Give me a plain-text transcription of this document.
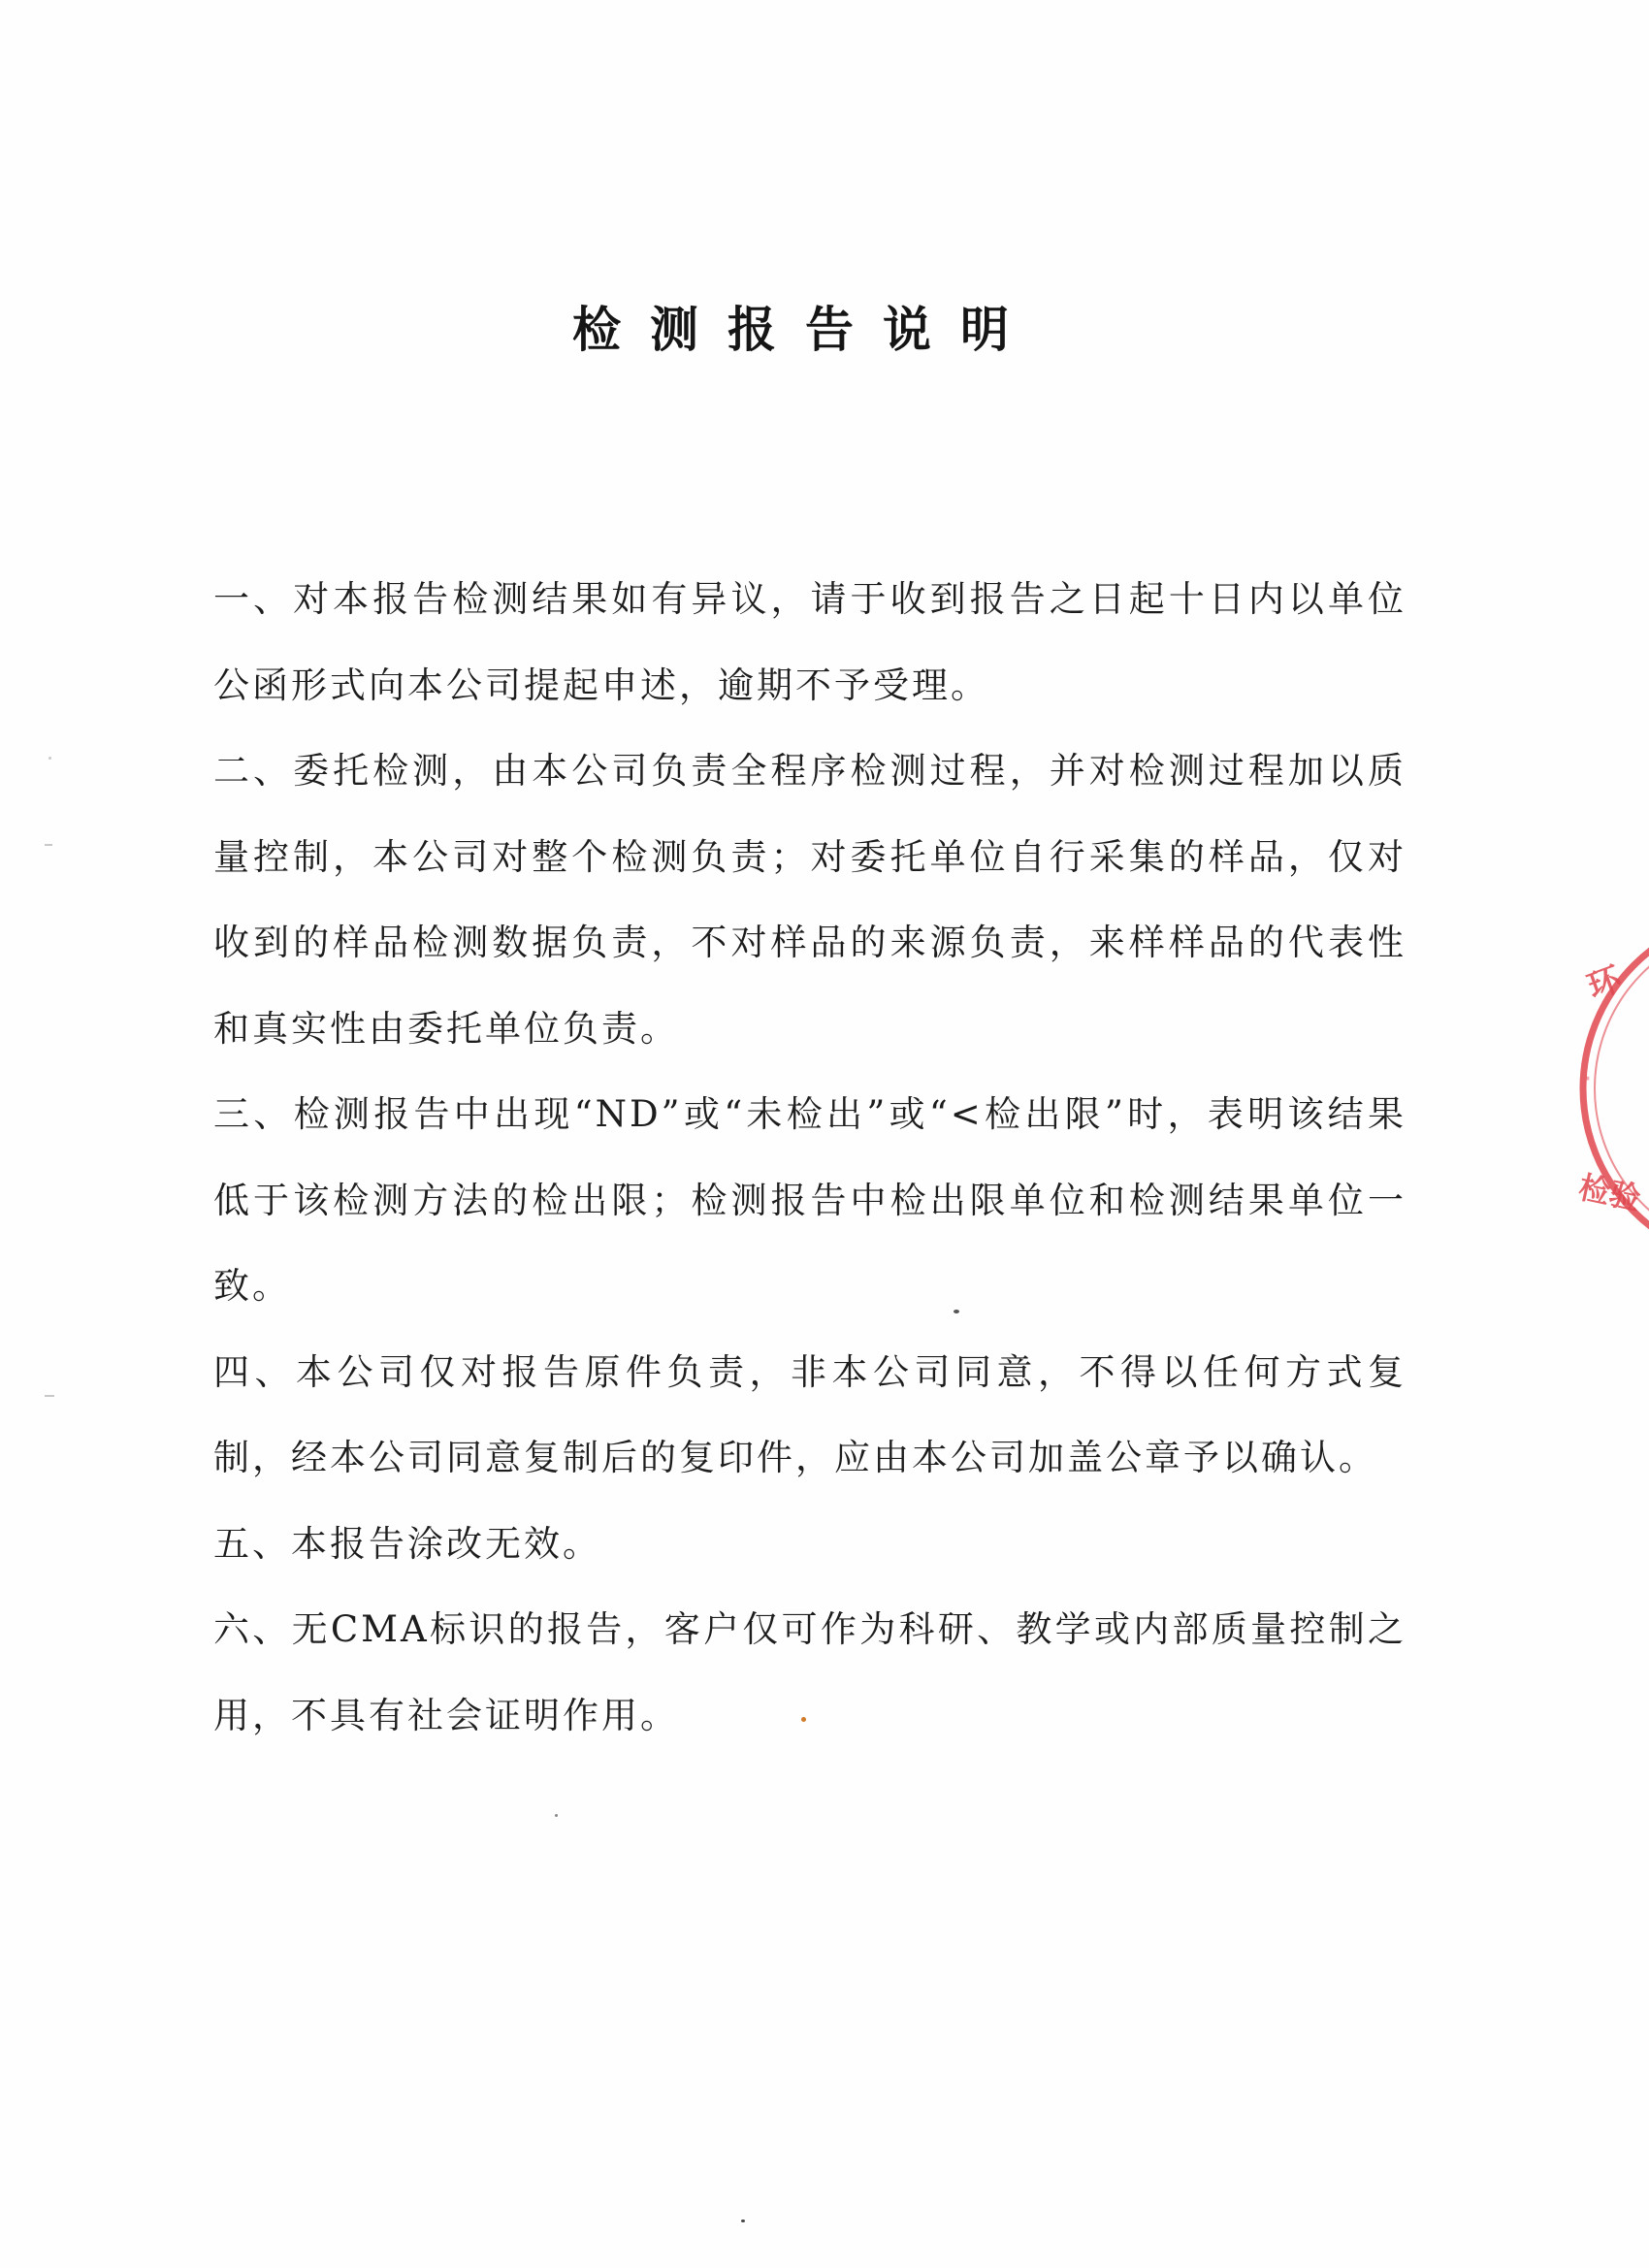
检测报告说明

一、对本报告检测结果如有异议，请于收到报告之日起十日内以单位公函形式向本公司提起申述，逾期不予受理。

二、委托检测，由本公司负责全程序检测过程，并对检测过程加以质量控制，本公司对整个检测负责；对委托单位自行采集的样品，仅对收到的样品检测数据负责，不对样品的来源负责，来样样品的代表性和真实性由委托单位负责。

三、检测报告中出现“ND”或“未检出”或“<检出限”时，表明该结果低于该检测方法的检出限；检测报告中检出限单位和检测结果单位一致。

四、本公司仅对报告原件负责，非本公司同意，不得以任何方式复制，经本公司同意复制后的复印件，应由本公司加盖公章予以确认。

五、本报告涂改无效。

六、无CMA标识的报告，客户仅可作为科研、教学或内部质量控制之用，不具有社会证明作用。

环
·
检验
